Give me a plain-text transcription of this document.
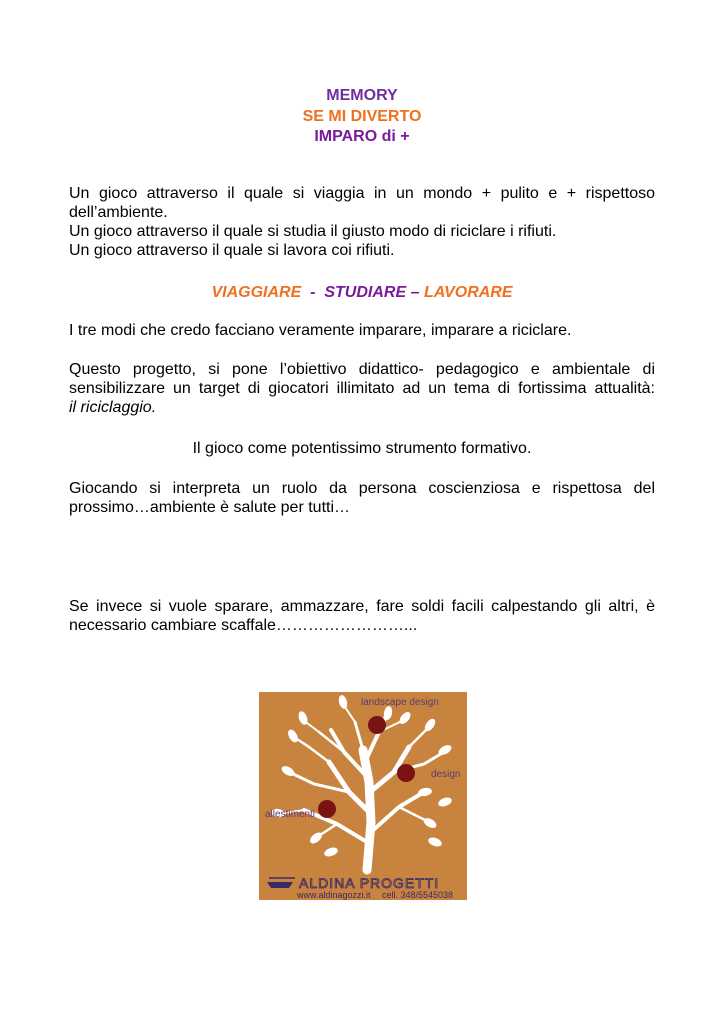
MEMORY
SE MI DIVERTO
IMPARO di +

Un gioco attraverso il quale si viaggia in un mondo + pulito e + rispettoso

dell’ambiente.

Un gioco attraverso il quale si studia il giusto modo di riciclare i rifiuti.

Un gioco attraverso il quale si lavora coi rifiuti.

VIAGGIARE  -  STUDIARE – LAVORARE

I tre modi che credo facciano veramente imparare, imparare a riciclare.

Questo progetto, si pone l’obiettivo didattico- pedagogico e ambientale di

sensibilizzare un target di giocatori illimitato ad un tema di fortissima attualità:

il riciclaggio.

Il gioco come potentissimo strumento formativo.

Giocando si interpreta un ruolo da persona coscienziosa e rispettosa del

prossimo…ambiente è salute per tutti…

Se invece si vuole sparare, ammazzare, fare soldi facili calpestando gli altri, è

necessario cambiare scaffale……………………...

landscape design
design
allestimenti
ALDINA PROGETTI
www.aldinagozzi.it cell. 348/5545038
